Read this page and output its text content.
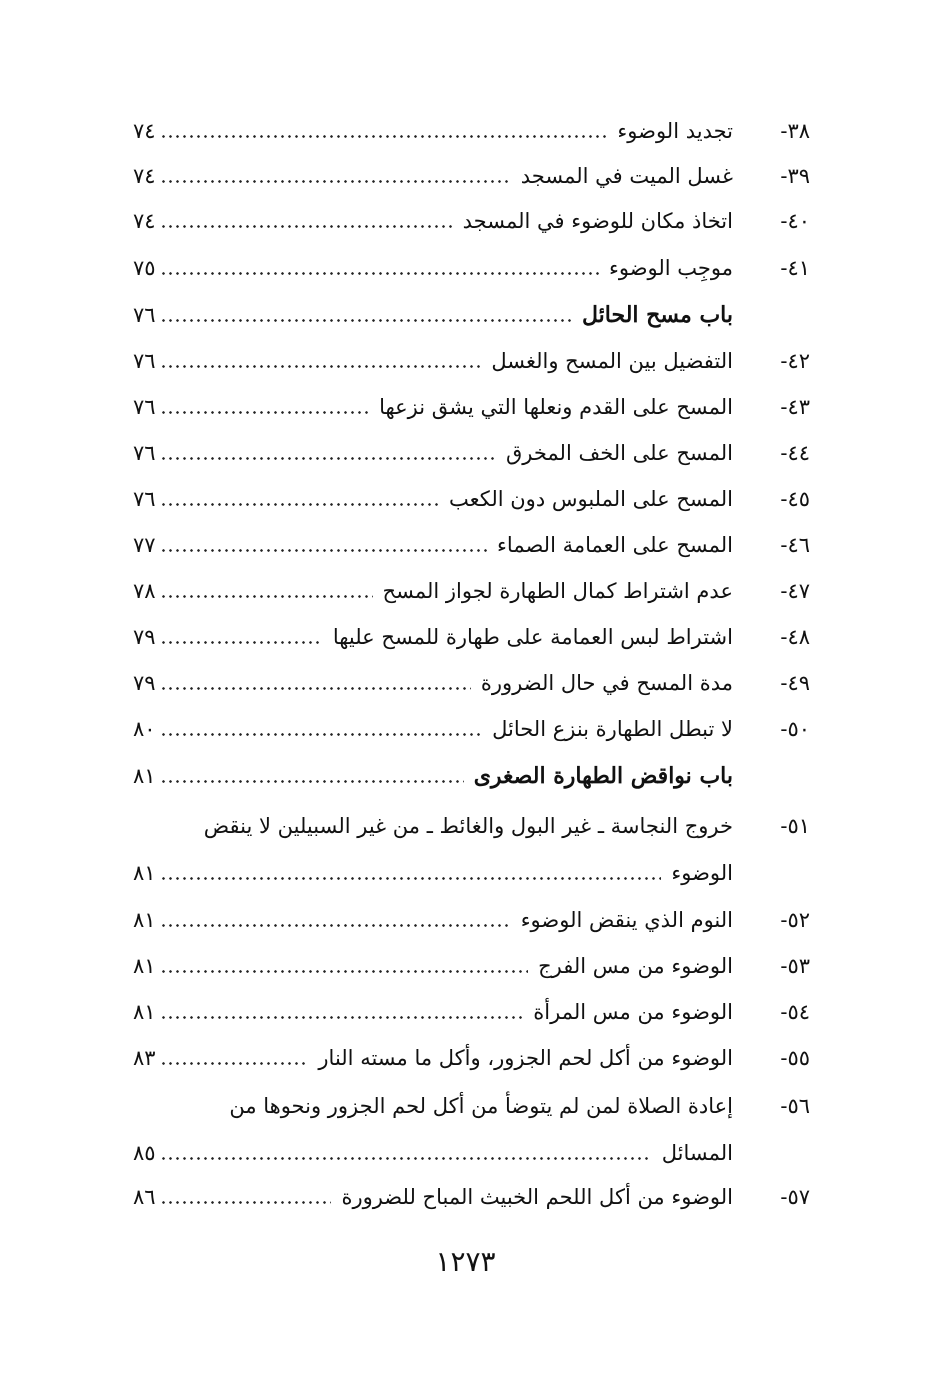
٣٨-
تجديد الوضوء
٧٤
٣٩-
غسل الميت في المسجد
٧٤
٤٠-
اتخاذ مكان للوضوء في المسجد
٧٤
٤١-
موجِب الوضوء
٧٥
باب مسح الحائل
٧٦
٤٢-
التفضيل بين المسح والغسل
٧٦
٤٣-
المسح على القدم ونعلها التي يشق نزعها
٧٦
٤٤-
المسح على الخف المخرق
٧٦
٤٥-
المسح على الملبوس دون الكعب
٧٦
٤٦-
المسح على العمامة الصماء
٧٧
٤٧-
عدم اشتراط كمال الطهارة لجواز المسح
٧٨
٤٨-
اشتراط لبس العمامة على طهارة للمسح عليها
٧٩
٤٩-
مدة المسح في حال الضرورة
٧٩
٥٠-
لا تبطل الطهارة بنزع الحائل
٨٠
باب نواقض الطهارة الصغرى
٨١
٥١-
خروج النجاسة ـ غير البول والغائط ـ من غير السبيلين لا ينقض
الوضوء
٨١
٥٢-
النوم الذي ينقض الوضوء
٨١
٥٣-
الوضوء من مس الفرج
٨١
٥٤-
الوضوء من مس المرأة
٨١
٥٥-
الوضوء من أكل لحم الجزور، وأكل ما مسته النار
٨٣
٥٦-
إعادة الصلاة لمن لم يتوضأ من أكل لحم الجزور ونحوها من
المسائل
٨٥
٥٧-
الوضوء من أكل اللحم الخبيث المباح للضرورة
٨٦
١٢٧٣
